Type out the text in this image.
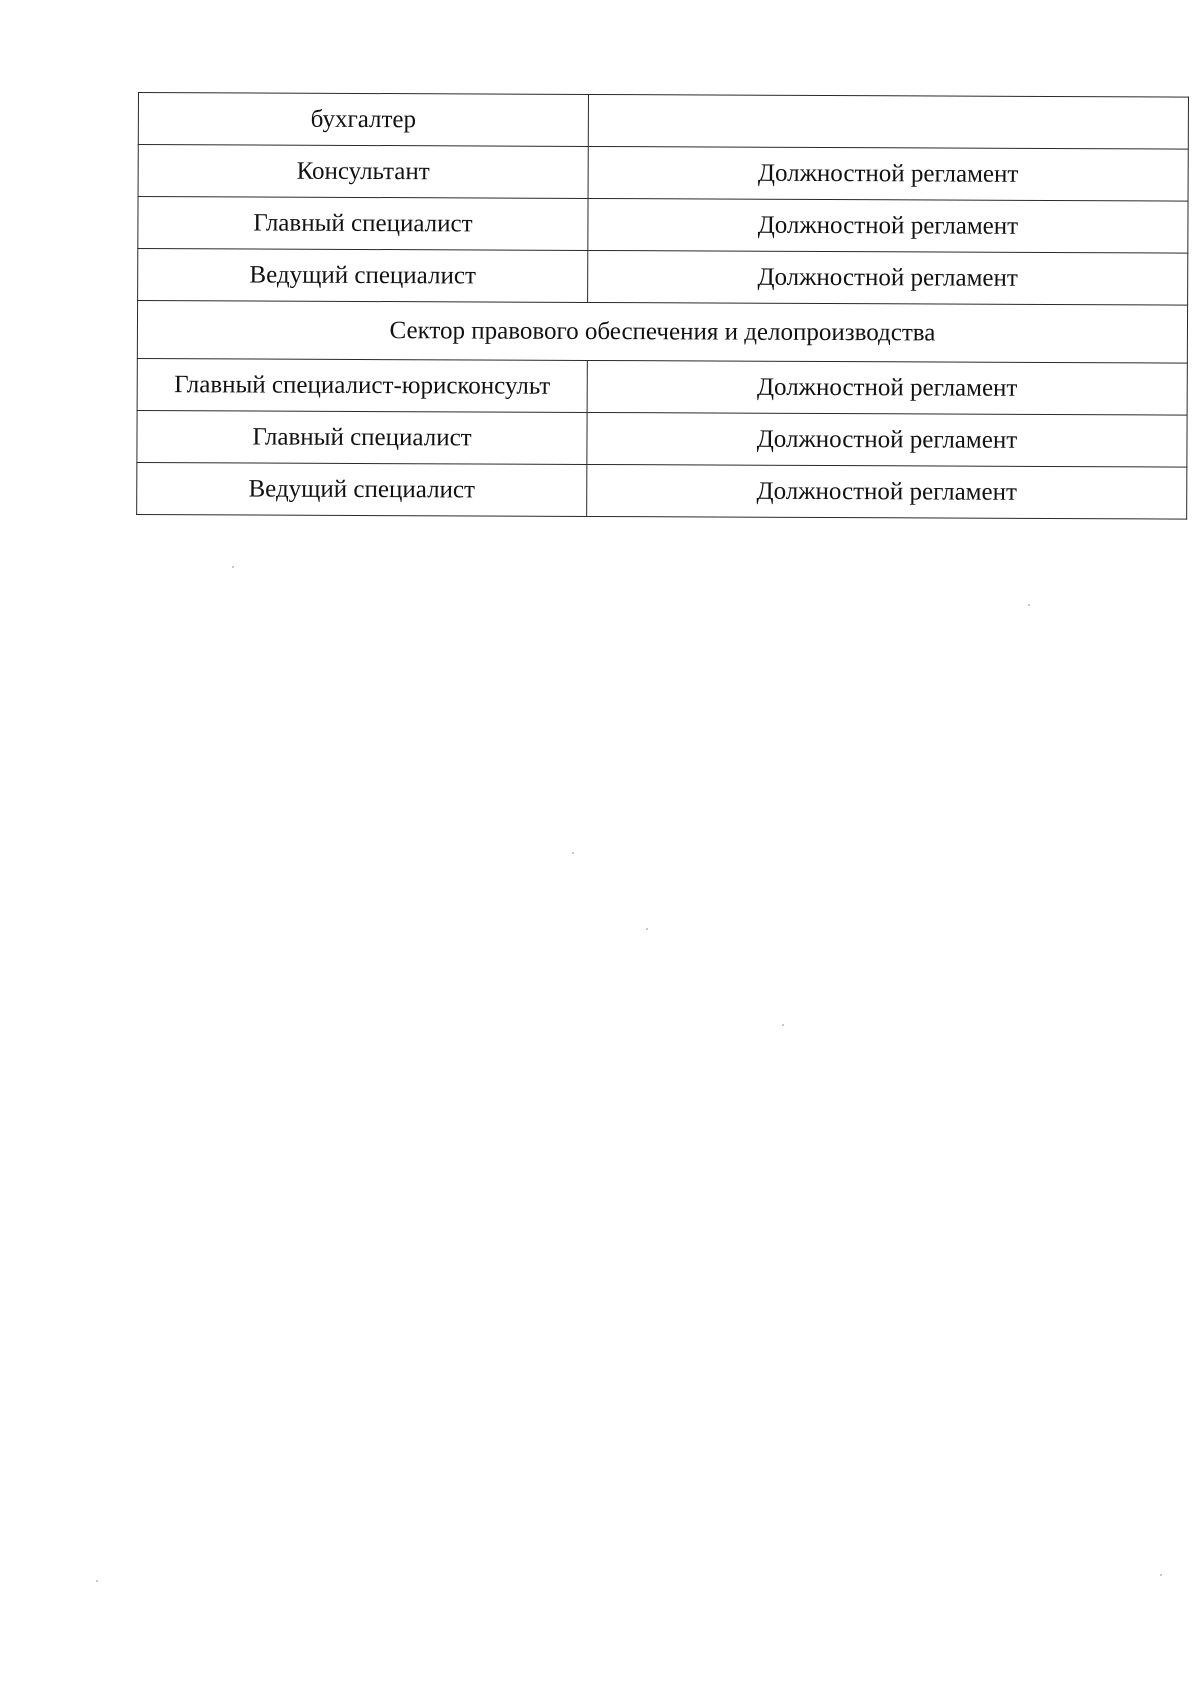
бухгалтер	
Консультант	Должностной регламент
Главный специалист	Должностной регламент
Ведущий специалист	Должностной регламент
Сектор правового обеспечения и делопроизводства	
Главный специалист-юрисконсульт	Должностной регламент
Главный специалист	Должностной регламент
Ведущий специалист	Должностной регламент
